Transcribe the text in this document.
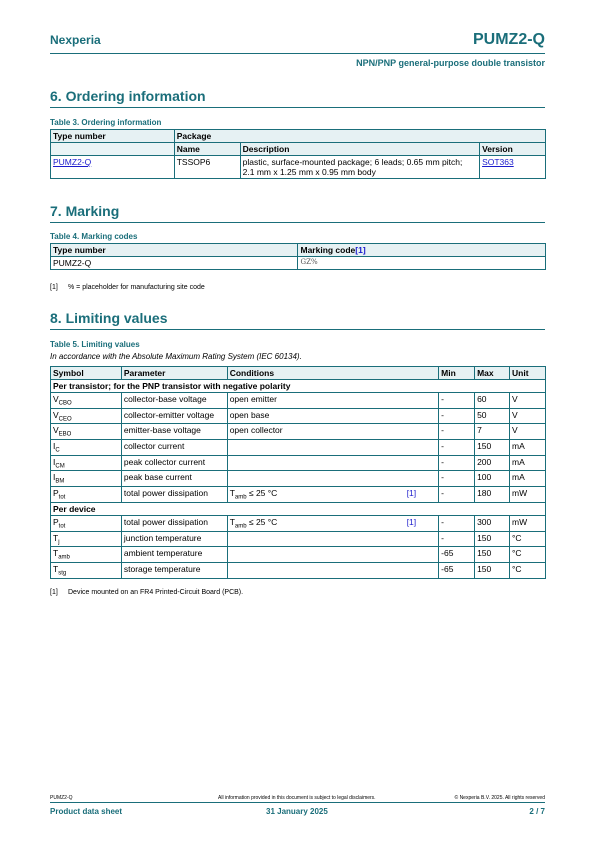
Nexperia	PUMZ2-Q
NPN/PNP general-purpose double transistor
6. Ordering information
Table 3. Ordering information
Type number	Package		
	Name	Description	Version
PUMZ2-Q	TSSOP6	plastic, surface-mounted package; 6 leads; 0.65 mm pitch;
2.1 mm x 1.25 mm x 0.95 mm body	SOT363
7. Marking
Table 4. Marking codes
Type number	Marking code[1]
PUMZ2-Q	GZ%
[1] % = placeholder for manufacturing site code
8. Limiting values
Table 5. Limiting values
In accordance with the Absolute Maximum Rating System (IEC 60134).
Symbol	Parameter	Conditions	Min	Max	Unit
Per transistor; for the PNP transistor with negative polarity					
$V_{CBO}$	collector-base voltage	open emitter	-	60	V
$V_{CEO}$	collector-emitter voltage	open base	-	50	V
$V_{EBO}$	emitter-base voltage	open collector	-	7	V
$I_C$	collector current		-	150	mA
$I_{CM}$	peak collector current		-	200	mA
$I_{BM}$	peak base current		-	100	mA
$P_{tot}$	total power dissipation	$T_{amb} \le 25$ °C [1]	-	180	mW
Per device					
$P_{tot}$	total power dissipation	$T_{amb} \le 25$ °C [1]	-	300	mW
$T_j$	junction temperature		-	150	°C
$T_{amb}$	ambient temperature		-65	150	°C
$T_{stg}$	storage temperature		-65	150	°C
[1] Device mounted on an FR4 Printed-Circuit Board (PCB).
PUMZ2-Q	All information provided in this document is subject to legal disclaimers.	© Nexperia B.V. 2025. All rights reserved
Product data sheet	31 January 2025	2 / 7
